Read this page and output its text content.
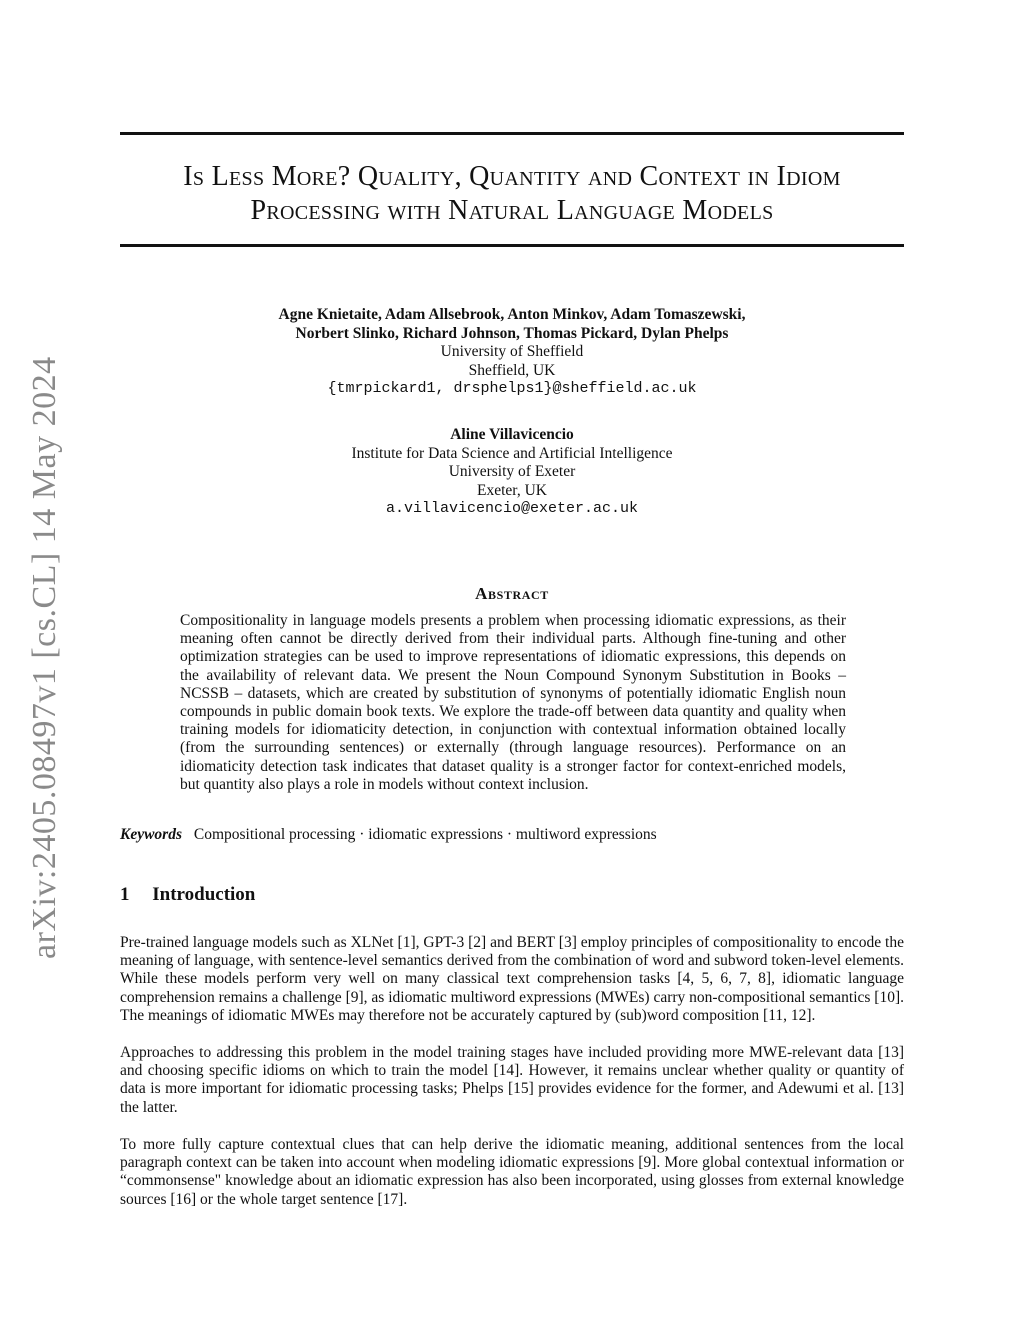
arXiv:2405.08497v1 [cs.CL] 14 May 2024
Is Less More? Quality, Quantity and Context in Idiom
Processing with Natural Language Models
Agne Knietaite, Adam Allsebrook, Anton Minkov, Adam Tomaszewski,
Norbert Slinko, Richard Johnson, Thomas Pickard, Dylan Phelps
University of Sheffield
Sheffield, UK
{tmrpickard1, drsphelps1}@sheffield.ac.uk
Aline Villavicencio
Institute for Data Science and Artificial Intelligence
University of Exeter
Exeter, UK
a.villavicencio@exeter.ac.uk
Abstract
Compositionality in language models presents a problem when processing idiomatic expressions, as their meaning often cannot be directly derived from their individual parts. Although fine-tuning and other optimization strategies can be used to improve representations of idiomatic expressions, this depends on the availability of relevant data. We present the Noun Compound Synonym Substitution in Books – NCSSB – datasets, which are created by substitution of synonyms of potentially idiomatic English noun compounds in public domain book texts. We explore the trade-off between data quantity and quality when training models for idiomaticity detection, in conjunction with contextual information obtained locally (from the surrounding sentences) or externally (through language resources). Performance on an idiomaticity detection task indicates that dataset quality is a stronger factor for context-enriched models, but quantity also plays a role in models without context inclusion.
Keywords Compositional processing · idiomatic expressions · multiword expressions
1 Introduction
Pre-trained language models such as XLNet [1], GPT-3 [2] and BERT [3] employ principles of compositionality to encode the meaning of language, with sentence-level semantics derived from the combination of word and subword token-level elements. While these models perform very well on many classical text comprehension tasks [4, 5, 6, 7, 8], idiomatic language comprehension remains a challenge [9], as idiomatic multiword expressions (MWEs) carry non-compositional semantics [10]. The meanings of idiomatic MWEs may therefore not be accurately captured by (sub)word composition [11, 12].
Approaches to addressing this problem in the model training stages have included providing more MWE-relevant data [13] and choosing specific idioms on which to train the model [14]. However, it remains unclear whether quality or quantity of data is more important for idiomatic processing tasks; Phelps [15] provides evidence for the former, and Adewumi et al. [13] the latter.
To more fully capture contextual clues that can help derive the idiomatic meaning, additional sentences from the local paragraph context can be taken into account when modeling idiomatic expressions [9]. More global contextual information or “commonsense" knowledge about an idiomatic expression has also been incorporated, using glosses from external knowledge sources [16] or the whole target sentence [17].
